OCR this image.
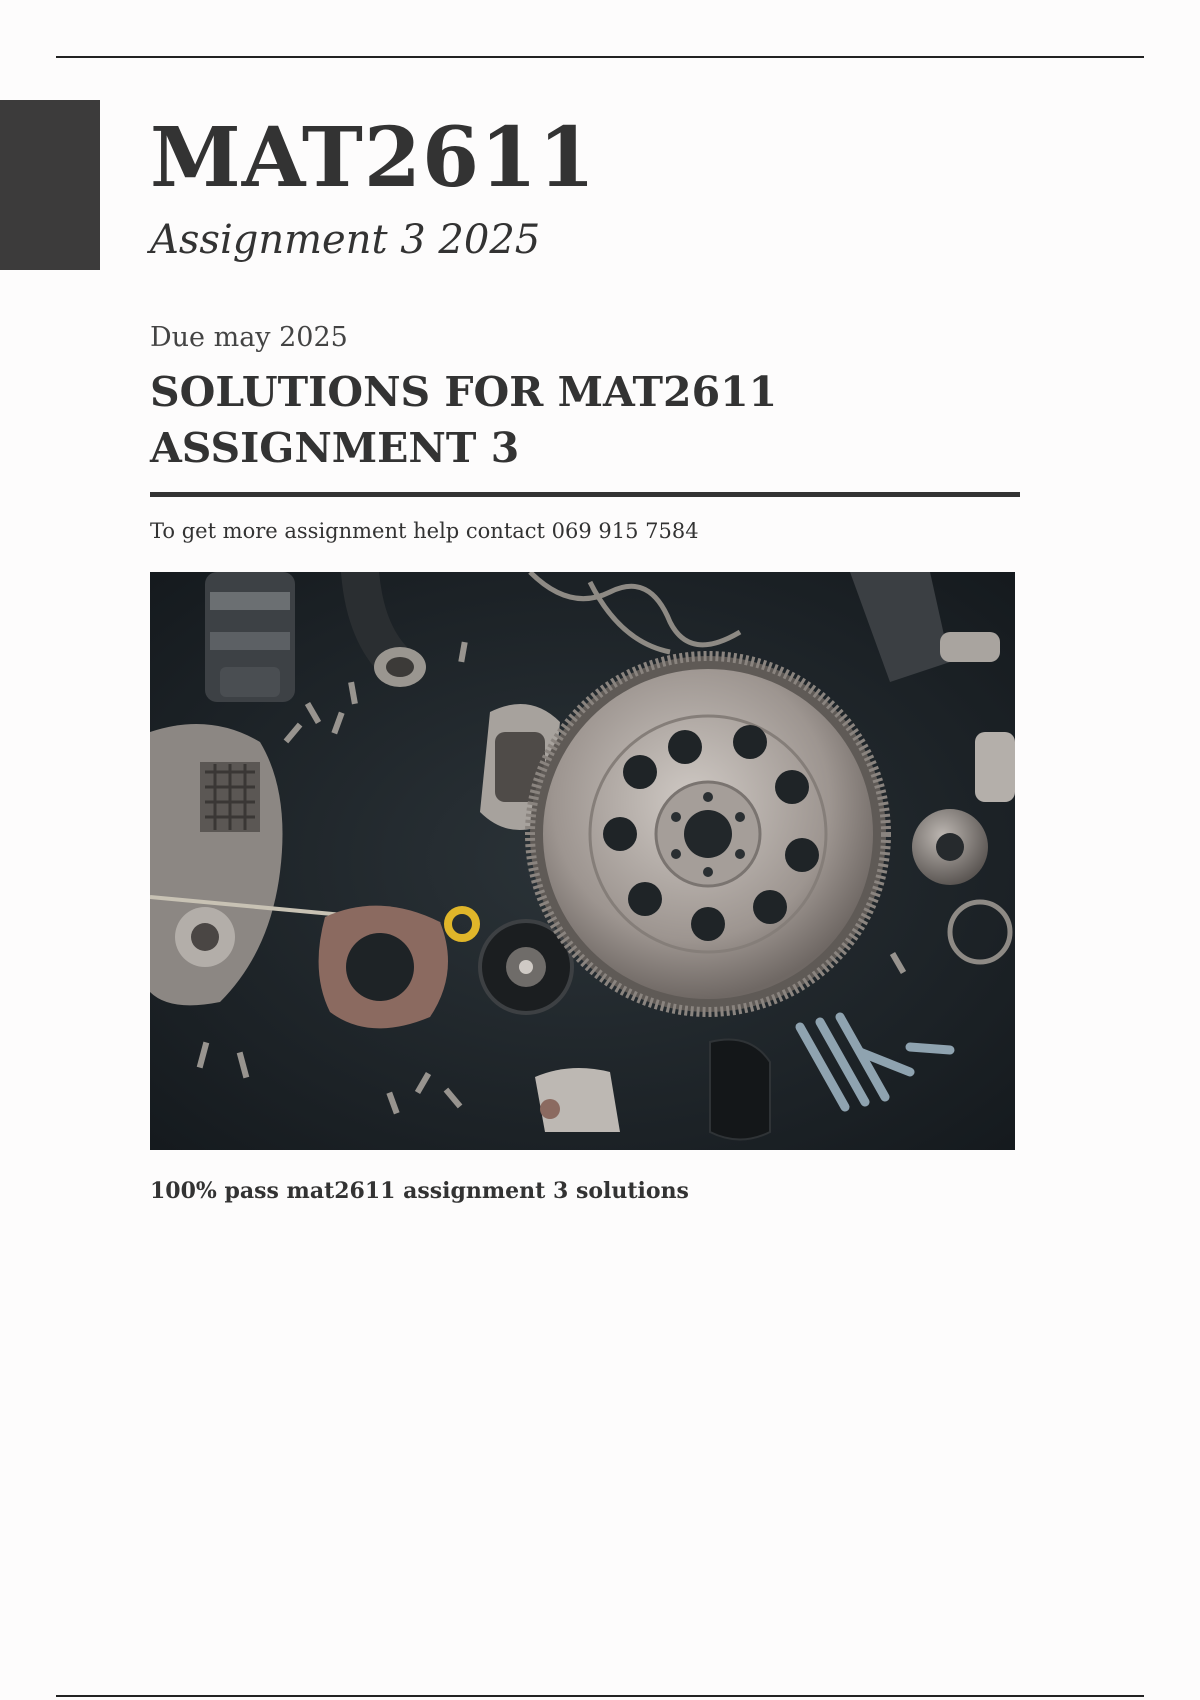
MAT2611

Assignment 3 2025

Due may 2025

SOLUTIONS FOR MAT2611
ASSIGNMENT 3

To get more assignment help contact 069 915 7584

100% pass mat2611 assignment 3 solutions
